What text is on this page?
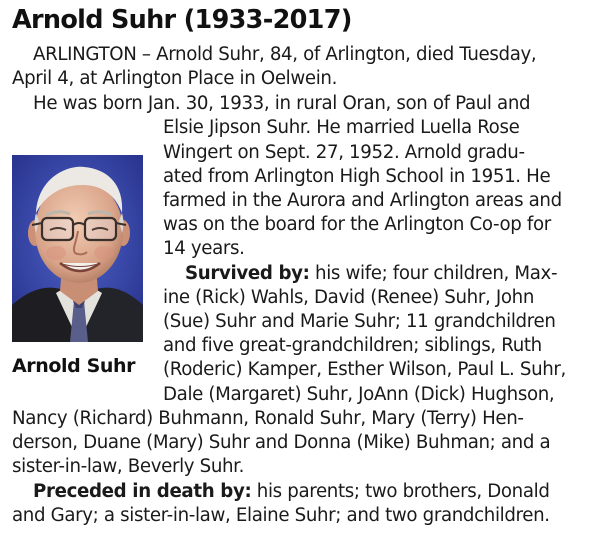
Arnold Suhr (1933-2017)
ARLINGTON – Arnold Suhr, 84, of Arlington, died Tuesday,
April 4, at Arlington Place in Oelwein.
He was born Jan. 30, 1933, in rural Oran, son of Paul and
Elsie Jipson Suhr. He married Luella Rose
Wingert on Sept. 27, 1952. Arnold gradu-
ated from Arlington High School in 1951. He
farmed in the Aurora and Arlington areas and
was on the board for the Arlington Co-op for
14 years.
Arnold Suhr
Survived by: his wife; four children, Max-
ine (Rick) Wahls, David (Renee) Suhr, John
(Sue) Suhr and Marie Suhr; 11 grandchildren
and five great-grandchildren; siblings, Ruth
(Roderic) Kamper, Esther Wilson, Paul L. Suhr,
Dale (Margaret) Suhr, JoAnn (Dick) Hughson,
Nancy (Richard) Buhmann, Ronald Suhr, Mary (Terry) Hen-
derson, Duane (Mary) Suhr and Donna (Mike) Buhman; and a
sister-in-law, Beverly Suhr.
Preceded in death by: his parents; two brothers, Donald
and Gary; a sister-in-law, Elaine Suhr; and two grandchildren.
